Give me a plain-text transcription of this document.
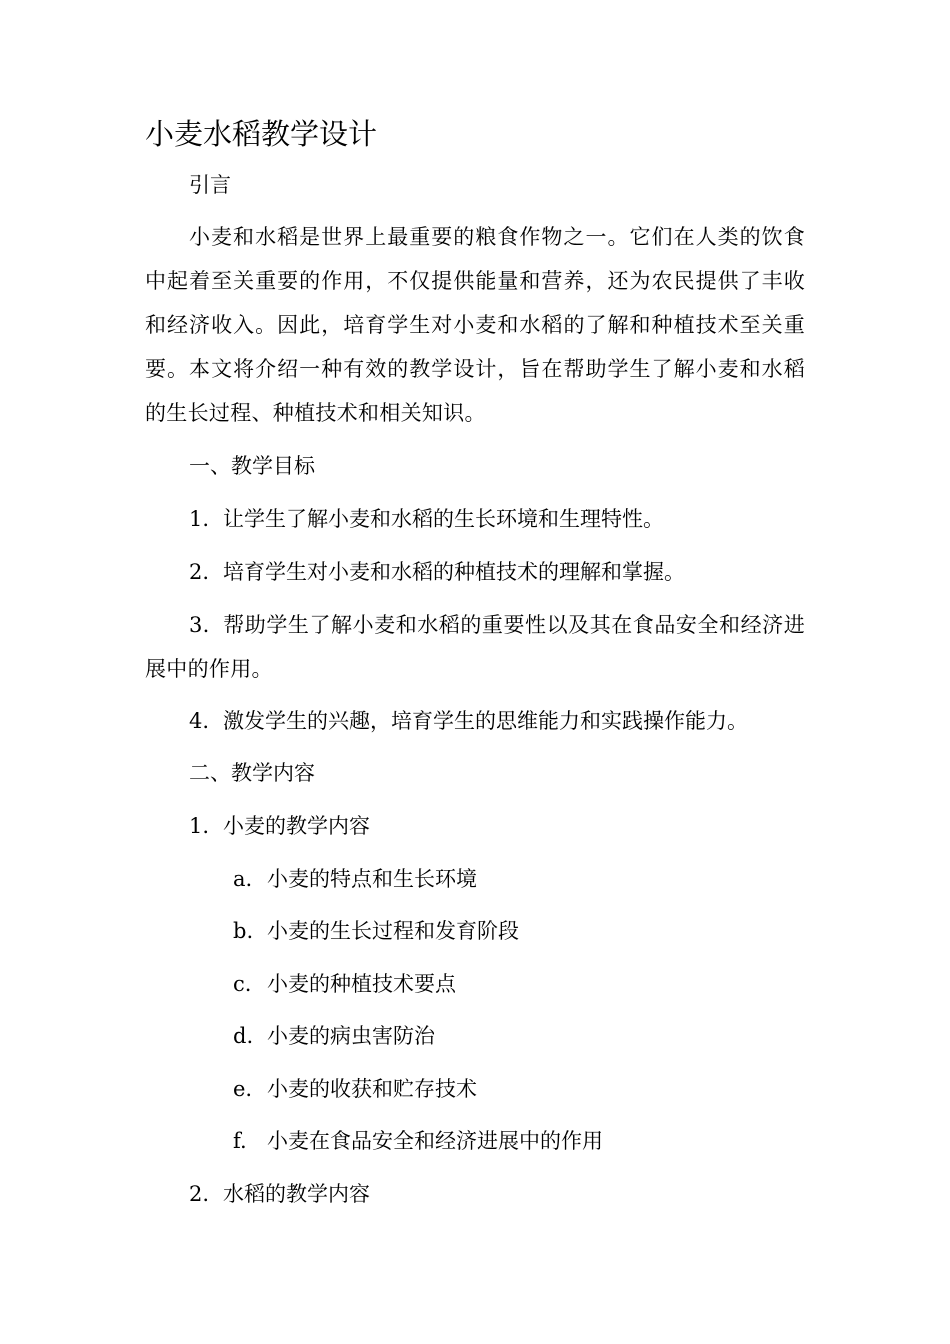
小麦水稻教学设计

引言

小麦和水稻是世界上最重要的粮食作物之一。它们在人类的饮食中起着至关重要的作用，不仅提供能量和营养，还为农民提供了丰收和经济收入。因此，培育学生对小麦和水稻的了解和种植技术至关重要。本文将介绍一种有效的教学设计，旨在帮助学生了解小麦和水稻的生长过程、种植技术和相关知识。

一、教学目标

1. 让学生了解小麦和水稻的生长环境和生理特性。

2. 培育学生对小麦和水稻的种植技术的理解和掌握。

3. 帮助学生了解小麦和水稻的重要性以及其在食品安全和经济进展中的作用。

4. 激发学生的兴趣，培育学生的思维能力和实践操作能力。

二、教学内容

1. 小麦的教学内容

a. 小麦的特点和生长环境

b. 小麦的生长过程和发育阶段

c. 小麦的种植技术要点

d. 小麦的病虫害防治

e. 小麦的收获和贮存技术

f. 小麦在食品安全和经济进展中的作用

2. 水稻的教学内容
